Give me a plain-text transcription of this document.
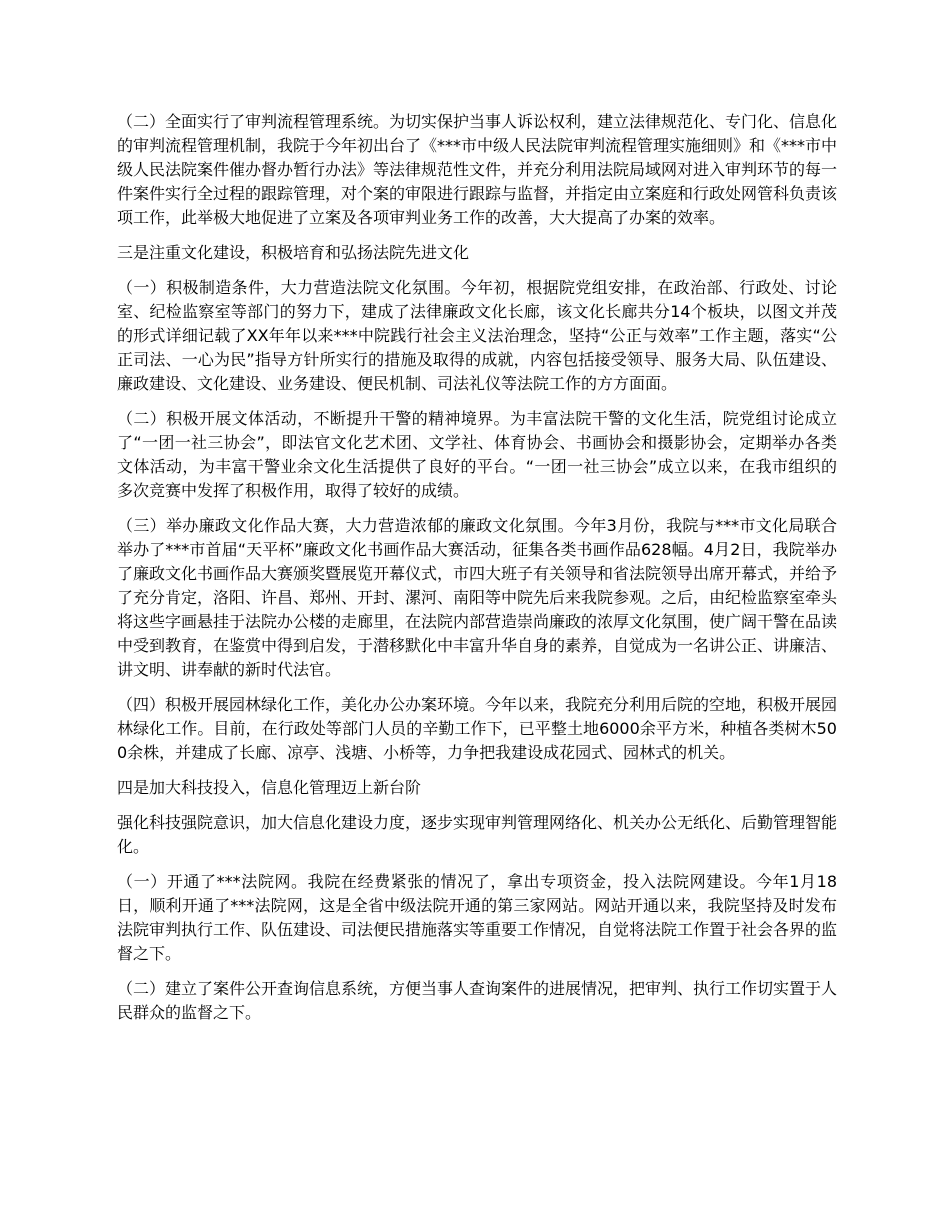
（二）全面实行了审判流程管理系统。为切实保护当事人诉讼权利，建立法律规范化、专门化、信息化的审判流程管理机制，我院于今年初出台了《***市中级人民法院审判流程管理实施细则》和《***市中级人民法院案件催办督办暂行办法》等法律规范性文件，并充分利用法院局域网对进入审判环节的每一件案件实行全过程的跟踪管理，对个案的审限进行跟踪与监督，并指定由立案庭和行政处网管科负责该项工作，此举极大地促进了立案及各项审判业务工作的改善，大大提高了办案的效率。

三是注重文化建设，积极培育和弘扬法院先进文化

（一）积极制造条件，大力营造法院文化氛围。今年初，根据院党组安排，在政治部、行政处、讨论室、纪检监察室等部门的努力下，建成了法律廉政文化长廊，该文化长廊共分14个板块，以图文并茂的形式详细记载了XX年年以来***中院践行社会主义法治理念，坚持“公正与效率”工作主题，落实“公正司法、一心为民”指导方针所实行的措施及取得的成就，内容包括接受领导、服务大局、队伍建设、廉政建设、文化建设、业务建设、便民机制、司法礼仪等法院工作的方方面面。

（二）积极开展文体活动，不断提升干警的精神境界。为丰富法院干警的文化生活，院党组讨论成立了“一团一社三协会”，即法官文化艺术团、文学社、体育协会、书画协会和摄影协会，定期举办各类文体活动，为丰富干警业余文化生活提供了良好的平台。“一团一社三协会”成立以来，在我市组织的多次竞赛中发挥了积极作用，取得了较好的成绩。

（三）举办廉政文化作品大赛，大力营造浓郁的廉政文化氛围。今年3月份，我院与***市文化局联合举办了***市首届“天平杯”廉政文化书画作品大赛活动，征集各类书画作品628幅。4月2日，我院举办了廉政文化书画作品大赛颁奖暨展览开幕仪式，市四大班子有关领导和省法院领导出席开幕式，并给予了充分肯定，洛阳、许昌、郑州、开封、漯河、南阳等中院先后来我院参观。之后，由纪检监察室牵头将这些字画悬挂于法院办公楼的走廊里，在法院内部营造崇尚廉政的浓厚文化氛围，使广阔干警在品读中受到教育，在鉴赏中得到启发，于潜移默化中丰富升华自身的素养，自觉成为一名讲公正、讲廉洁、讲文明、讲奉献的新时代法官。

（四）积极开展园林绿化工作，美化办公办案环境。今年以来，我院充分利用后院的空地，积极开展园林绿化工作。目前，在行政处等部门人员的辛勤工作下，已平整土地6000余平方米，种植各类树木500余株，并建成了长廊、凉亭、浅塘、小桥等，力争把我建设成花园式、园林式的机关。

四是加大科技投入，信息化管理迈上新台阶

强化科技强院意识，加大信息化建设力度，逐步实现审判管理网络化、机关办公无纸化、后勤管理智能化。

（一）开通了***法院网。我院在经费紧张的情况了，拿出专项资金，投入法院网建设。今年1月18日，顺利开通了***法院网，这是全省中级法院开通的第三家网站。网站开通以来，我院坚持及时发布法院审判执行工作、队伍建设、司法便民措施落实等重要工作情况，自觉将法院工作置于社会各界的监督之下。

（二）建立了案件公开查询信息系统，方便当事人查询案件的进展情况，把审判、执行工作切实置于人民群众的监督之下。
